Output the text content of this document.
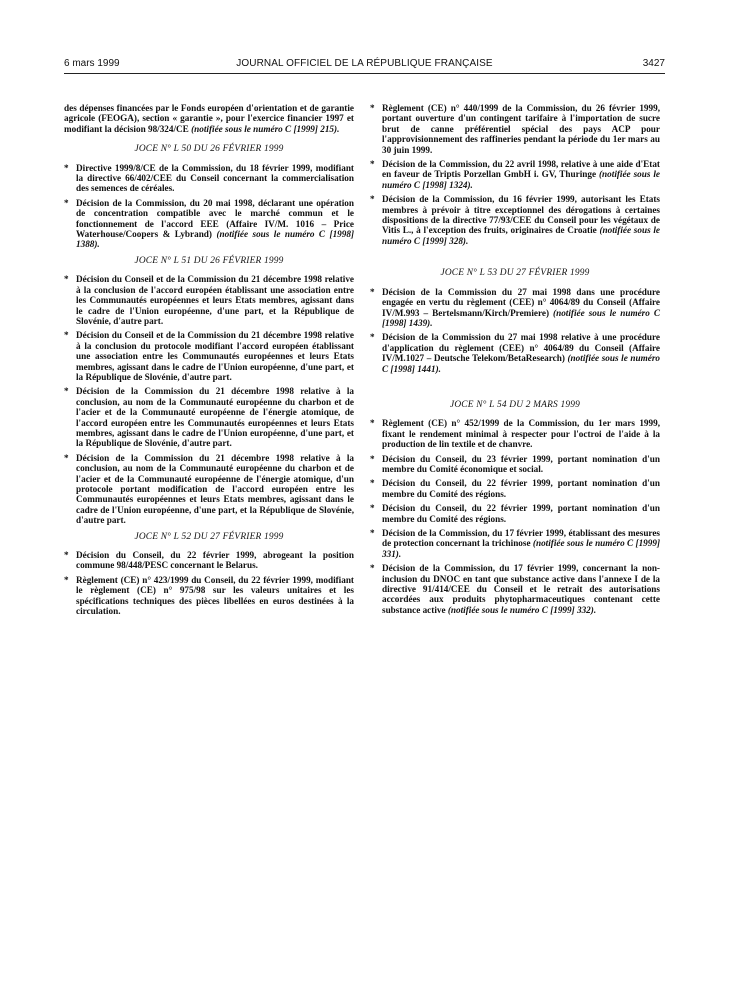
6 mars 1999	JOURNAL OFFICIEL DE LA RÉPUBLIQUE FRANÇAISE	3427

des dépenses financées par le Fonds européen d'orientation et de garantie agricole (FEOGA), section « garantie », pour l'exercice financier 1997 et modifiant la décision 98/324/CE (notifiée sous le numéro C [1999] 215).

JOCE N° L 50 DU 26 FÉVRIER 1999
* Directive 1999/8/CE de la Commission, du 18 février 1999, modifiant la directive 66/402/CEE du Conseil concernant la commercialisation des semences de céréales.
* Décision de la Commission, du 20 mai 1998, déclarant une opération de concentration compatible avec le marché commun et le fonctionnement de l'accord EEE (Affaire IV/M. 1016 – Price Waterhouse/Coopers & Lybrand) (notifiée sous le numéro C [1998] 1388).
JOCE N° L 51 DU 26 FÉVRIER 1999
* Décision du Conseil et de la Commission du 21 décembre 1998 relative à la conclusion de l'accord européen établissant une association entre les Communautés européennes et leurs Etats membres, agissant dans le cadre de l'Union européenne, d'une part, et la République de Slovénie, d'autre part.
* Décision du Conseil et de la Commission du 21 décembre 1998 relative à la conclusion du protocole modifiant l'accord européen établissant une association entre les Communautés européennes et leurs Etats membres, agissant dans le cadre de l'Union européenne, d'une part, et la République de Slovénie, d'autre part.
* Décision de la Commission du 21 décembre 1998 relative à la conclusion, au nom de la Communauté européenne du charbon et de l'acier et de la Communauté européenne de l'énergie atomique, de l'accord européen entre les Communautés européennes et leurs Etats membres, agissant dans le cadre de l'Union européenne, d'une part, et la République de Slovénie, d'autre part.
* Décision de la Commission du 21 décembre 1998 relative à la conclusion, au nom de la Communauté européenne du charbon et de l'acier et de la Communauté européenne de l'énergie atomique, d'un protocole portant modification de l'accord européen entre les Communautés européennes et leurs Etats membres, agissant dans le cadre de l'Union européenne, d'une part, et la République de Slovénie, d'autre part.
JOCE N° L 52 DU 27 FÉVRIER 1999
* Décision du Conseil, du 22 février 1999, abrogeant la position commune 98/448/PESC concernant le Belarus.
* Règlement (CE) n° 423/1999 du Conseil, du 22 février 1999, modifiant le règlement (CE) n° 975/98 sur les valeurs unitaires et les spécifications techniques des pièces libellées en euros destinées à la circulation.
* Règlement (CE) n° 440/1999 de la Commission, du 26 février 1999, portant ouverture d'un contingent tarifaire à l'importation de sucre brut de canne préférentiel spécial des pays ACP pour l'approvisionnement des raffineries pendant la période du 1er mars au 30 juin 1999.
* Décision de la Commission, du 22 avril 1998, relative à une aide d'Etat en faveur de Triptis Porzellan GmbH i. GV, Thuringe (notifiée sous le numéro C [1998] 1324).
* Décision de la Commission, du 16 février 1999, autorisant les Etats membres à prévoir à titre exceptionnel des dérogations à certaines dispositions de la directive 77/93/CEE du Conseil pour les végétaux de Vitis L., à l'exception des fruits, originaires de Croatie (notifiée sous le numéro C [1999] 328).
JOCE N° L 53 DU 27 FÉVRIER 1999
* Décision de la Commission du 27 mai 1998 dans une procédure engagée en vertu du règlement (CEE) n° 4064/89 du Conseil (Affaire IV/M.993 – Bertelsmann/Kirch/Premiere) (notifiée sous le numéro C [1998] 1439).
* Décision de la Commission du 27 mai 1998 relative à une procédure d'application du règlement (CEE) n° 4064/89 du Conseil (Affaire IV/M.1027 – Deutsche Telekom/BetaResearch) (notifiée sous le numéro C [1998] 1441).
JOCE N° L 54 DU 2 MARS 1999
* Règlement (CE) n° 452/1999 de la Commission, du 1er mars 1999, fixant le rendement minimal à respecter pour l'octroi de l'aide à la production de lin textile et de chanvre.
* Décision du Conseil, du 23 février 1999, portant nomination d'un membre du Comité économique et social.
* Décision du Conseil, du 22 février 1999, portant nomination d'un membre du Comité des régions.
* Décision du Conseil, du 22 février 1999, portant nomination d'un membre du Comité des régions.
* Décision de la Commission, du 17 février 1999, établissant des mesures de protection concernant la trichinose (notifiée sous le numéro C [1999] 331).
* Décision de la Commission, du 17 février 1999, concernant la non-inclusion du DNOC en tant que substance active dans l'annexe I de la directive 91/414/CEE du Conseil et le retrait des autorisations accordées aux produits phytopharmaceutiques contenant cette substance active (notifiée sous le numéro C [1999] 332).
